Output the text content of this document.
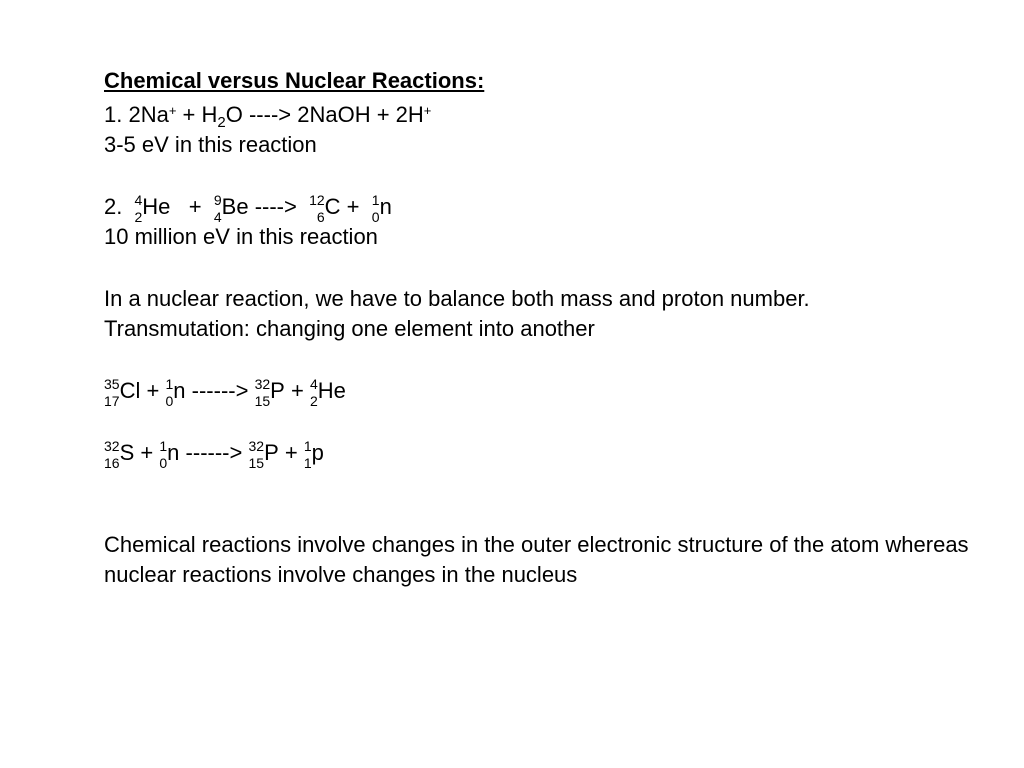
Chemical versus Nuclear Reactions:
1. $2Na^+ + H_2O$ ----> 2NaOH + 2H+
3-5 eV in this reaction
2. 4
2 He + 9
4 Be ----> 12
6 C + 1
0 n
10 million eV in this reaction
In a nuclear reaction, we have to balance both mass and proton number.
Transmutation: changing one element into another
35
17 Cl + 1
0 n ------> 32
15 P + 4
2 He
32
16 S + 1
0 n ------> 32
15 P + 1
1 p
Chemical reactions involve changes in the outer electronic structure of the atom whereas nuclear reactions involve changes in the nucleus
